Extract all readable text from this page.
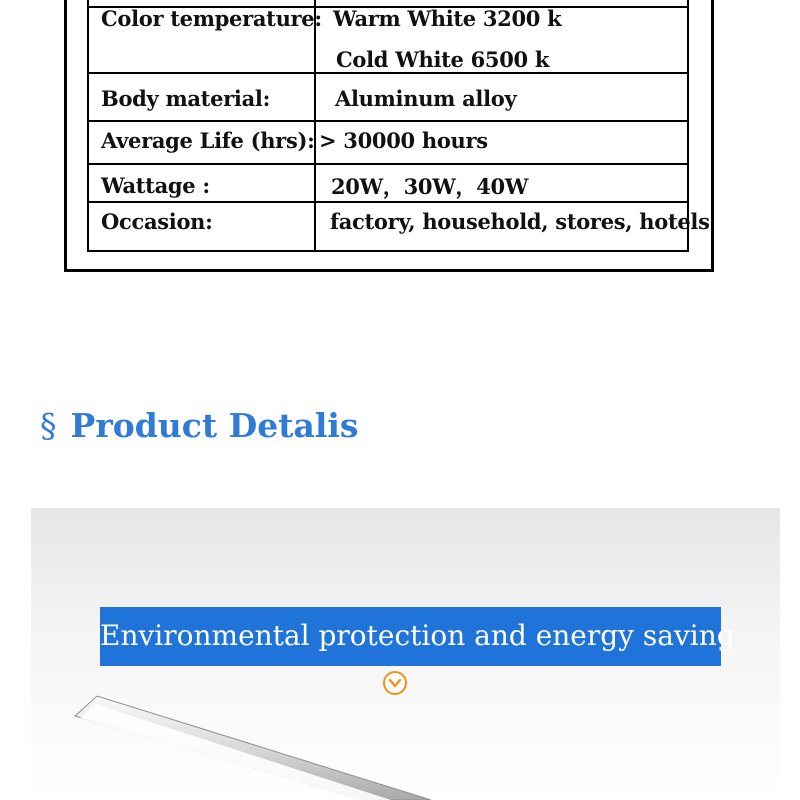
Color temperature: Warm White 3200 k
Cold White 6500 k
Body material:	Aluminum alloy
Average Life (hrs): > 30000 hours
Wattage :	20W，30W，40W
Occasion:	factory, household, stores, hotels
§ Product Detalis
Environmental protection and energy saving
